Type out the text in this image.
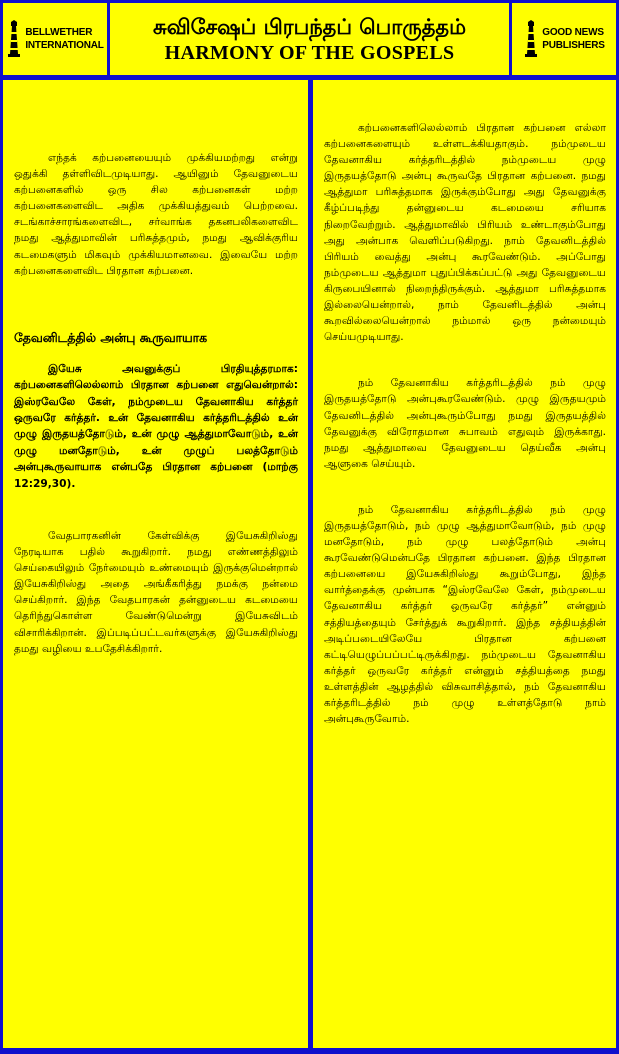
BELLWETHER
INTERNATIONAL
சுவிசேஷப் பிரபந்தப் பொருத்தம்
HARMONY OF THE GOSPELS
GOOD NEWS
PUBLISHERS

எந்தக் கற்பனையையும் முக்கியமற்றது என்று ஒதுக்கி தள்ளிவிடமுடியாது. ஆயினும் தேவனுடைய கற்பனைகளில் ஒரு சில கற்பனைகள் மற்ற கற்பனைகளைவிட அதிக முக்கியத்துவம் பெற்றவை. சடங்காச்சாரங்களைவிட, சர்வாங்க தகனபலிகளைவிட நமது ஆத்துமாவின் பரிசுத்தமும், நமது ஆவிக்குரிய கடமைகளும் மிகவும் முக்கியமானவை. இவையே மற்ற கற்பனைகளைவிட பிரதான கற்பனை.

தேவனிடத்தில் அன்பு கூருவாயாக

இயேசு அவனுக்குப் பிரதியுத்தரமாக: கற்பனைகளிலெல்லாம் பிரதான கற்பனை எதுவென்றால்: இஸ்ரவேலே கேள், நம்முடைய தேவனாகிய கர்த்தர் ஒருவரே கர்த்தர். உன் தேவனாகிய கர்த்தரிடத்தில் உன் முழு இருதயத்தோடும், உன் முழு ஆத்துமாவோடும், உன் முழு மனதோடும், உன் முழுப் பலத்தோடும் அன்புகூருவாயாக என்பதே பிரதான கற்பனை (மாற்கு 12:29,30).

வேதபாரகனின் கேள்விக்கு இயேசுகிறிஸ்து நேரடியாக பதில் கூறுகிறார். நமது எண்ணத்திலும் செய்கையிலும் நேர்மையும் உண்மையும் இருக்குமென்றால் இயேசுகிறிஸ்து அதை அங்கீகரித்து நமக்கு நன்மை செய்கிறார். இந்த வேதபாரகன் தன்னுடைய கடமையை தெரிந்துகொள்ள வேண்டுமென்று இயேசுவிடம் விசாரிக்கிறான். இப்படிப்பட்டவர்களுக்கு இயேசுகிறிஸ்து தமது வழியை உபதேசிக்கிறார்.

கற்பனைகளிலெல்லாம் பிரதான கற்பனை எல்லா கற்பனைகளையும் உள்ளடக்கியதாகும். நம்முடைய தேவனாகிய கர்த்தரிடத்தில் நம்முடைய முழு இருதயத்தோடு அன்பு கூருவதே பிரதான கற்பனை. நமது ஆத்துமா பரிசுத்தமாக இருக்கும்போது அது தேவனுக்கு கீழ்ப்படிந்து தன்னுடைய கடமையை சரியாக நிறைவேற்றும். ஆத்துமாவில் பிரியம் உண்டாகும்போது அது அன்பாக வெளிப்படுகிறது. நாம் தேவனிடத்தில் பிரியம் வைத்து அன்பு கூரவேண்டும். அப்போது நம்முடைய ஆத்துமா புதுப்பிக்கப்பட்டு அது தேவனுடைய கிருபையினால் நிறைந்திருக்கும். ஆத்துமா பரிசுத்தமாக இல்லையென்றால், நாம் தேவனிடத்தில் அன்பு கூறவில்லையென்றால் நம்மால் ஒரு நன்மையும் செய்யமுடியாது.

நம் தேவனாகிய கர்த்தரிடத்தில் நம் முழு இருதயத்தோடு அன்புகூரவேண்டும். முழு இருதயமும் தேவனிடத்தில் அன்புகூரும்போது நமது இருதயத்தில் தேவனுக்கு விரோதமான சுபாவம் எதுவும் இருக்காது. நமது ஆத்துமாவை தேவனுடைய தெய்வீக அன்பு ஆளுகை செய்யும்.

நம் தேவனாகிய கர்த்தரிடத்தில் நம் முழு இருதயத்தோடும், நம் முழு ஆத்துமாவோடும், நம் முழு மனதோடும், நம் முழு பலத்தோடும் அன்பு கூரவேண்டுமென்பதே பிரதான கற்பனை. இந்த பிரதான கற்பனையை இயேசுகிறிஸ்து கூறும்போது, இந்த வார்த்தைக்கு முன்பாக “இஸ்ரவேலே கேள், நம்முடைய தேவனாகிய கர்த்தர் ஒருவரே கர்த்தர்” என்னும் சத்தியத்தையும் சேர்த்துக் கூறுகிறார். இந்த சத்தியத்தின் அடிப்படையிலேயே பிரதான கற்பனை கட்டியெழுப்பப்பட்டிருக்கிறது. நம்முடைய தேவனாகிய கர்த்தர் ஒருவரே கர்த்தர் என்னும் சத்தியத்தை நமது உள்ளத்தின் ஆழத்தில் விசுவாசித்தால், நம் தேவனாகிய கர்த்தரிடத்தில் நம் முழு உள்ளத்தோடு நாம் அன்புகூருவோம்.
